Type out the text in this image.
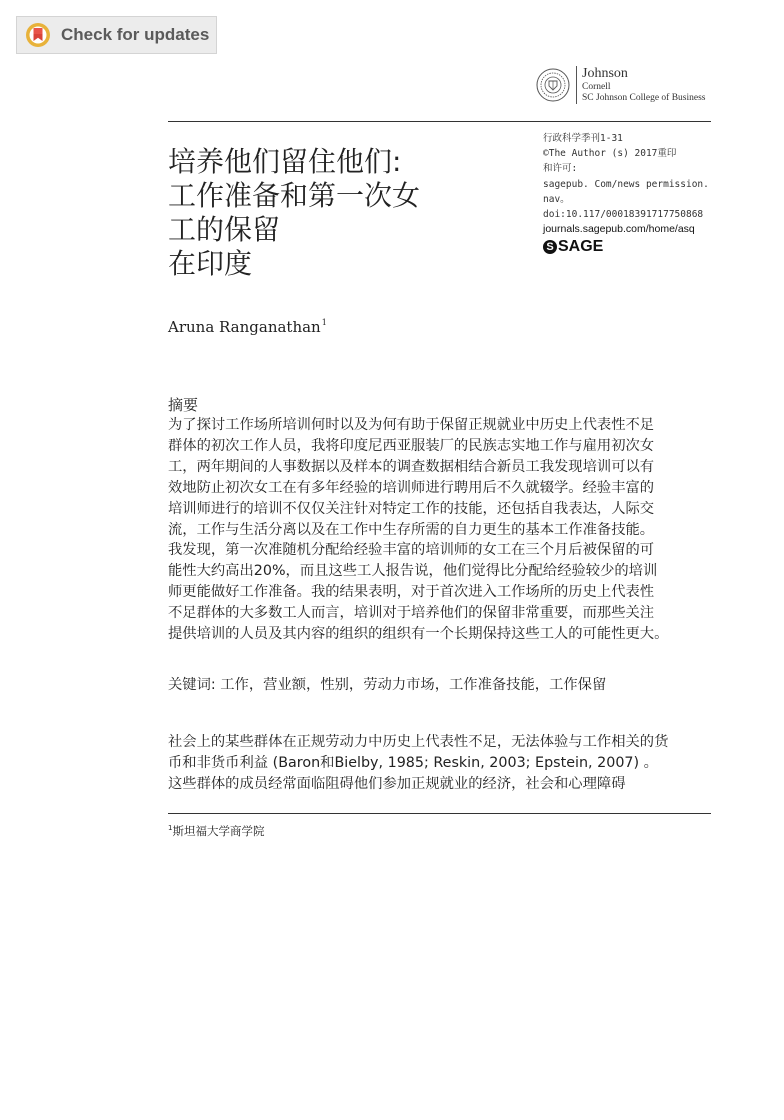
Check for updates
Johnson
Cornell
SC Johnson College of Business
培养他们留住他们:
工作准备和第一次女
工的保留
在印度
行政科学季刊1-31
©The Author (s) 2017重印
和许可:
sagepub. Com/news permission.
nav。
doi:10.117/00018391717750868
journals.sagepub.com/home/asq
S SAGE
Aruna Ranganathan$^1$
摘要

为了探讨工作场所培训何时以及为何有助于保留正规就业中历史上代表性不足
群体的初次工作人员，我将印度尼西亚服装厂的民族志实地工作与雇用初次女
工，两年期间的人事数据以及样本的调查数据相结合新员工我发现培训可以有
效地防止初次女工在有多年经验的培训师进行聘用后不久就辍学。经验丰富的
培训师进行的培训不仅仅关注针对特定工作的技能，还包括自我表达，人际交
流，工作与生活分离以及在工作中生存所需的自力更生的基本工作准备技能。
我发现，第一次准随机分配给经验丰富的培训师的女工在三个月后被保留的可
能性大约高出20%，而且这些工人报告说，他们觉得比分配给经验较少的培训
师更能做好工作准备。我的结果表明，对于首次进入工作场所的历史上代表性
不足群体的大多数工人而言，培训对于培养他们的保留非常重要，而那些关注
提供培训的人员及其内容的组织的组织有一个长期保持这些工人的可能性更大。

关键词: 工作，营业额，性别，劳动力市场，工作准备技能，工作保留

社会上的某些群体在正规劳动力中历史上代表性不足，无法体验与工作相关的货
币和非货币利益 (Baron和Bielby, 1985; Reskin, 2003; Epstein, 2007) 。
这些群体的成员经常面临阻碍他们参加正规就业的经济，社会和心理障碍

$^1$斯坦福大学商学院
